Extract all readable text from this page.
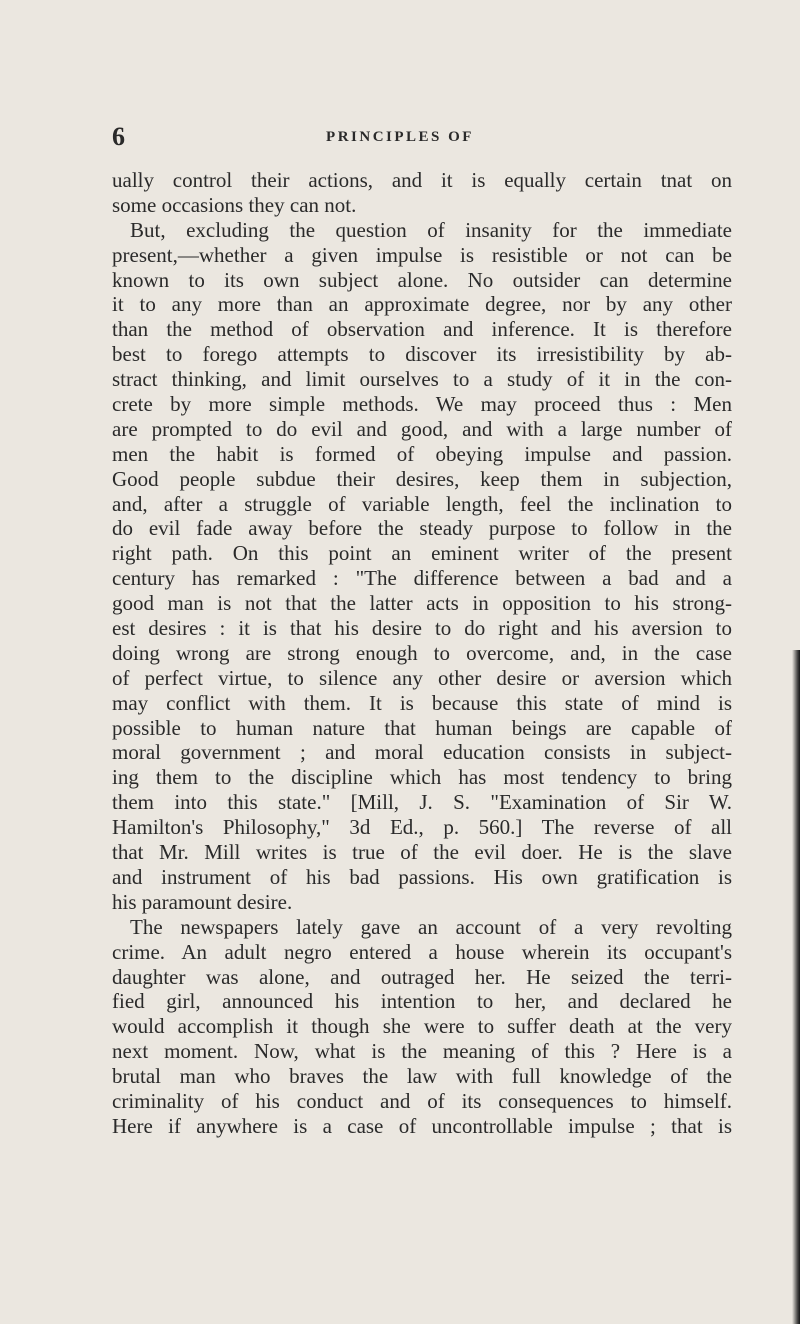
6	PRINCIPLES OF
ually control their actions, and it is equally certain tnat on
some occasions they can not.
But, excluding the question of insanity for the immediate
present,—whether a given impulse is resistible or not can be
known to its own subject alone. No outsider can determine
it to any more than an approximate degree, nor by any other
than the method of observation and inference. It is therefore
best to forego attempts to discover its irresistibility by ab-
stract thinking, and limit ourselves to a study of it in the con-
crete by more simple methods. We may proceed thus : Men
are prompted to do evil and good, and with a large number of
men the habit is formed of obeying impulse and passion.
Good people subdue their desires, keep them in subjection,
and, after a struggle of variable length, feel the inclination to
do evil fade away before the steady purpose to follow in the
right path. On this point an eminent writer of the present
century has remarked : "The difference between a bad and a
good man is not that the latter acts in opposition to his strong-
est desires : it is that his desire to do right and his aversion to
doing wrong are strong enough to overcome, and, in the case
of perfect virtue, to silence any other desire or aversion which
may conflict with them. It is because this state of mind is
possible to human nature that human beings are capable of
moral government ; and moral education consists in subject-
ing them to the discipline which has most tendency to bring
them into this state." [Mill, J. S. "Examination of Sir W.
Hamilton's Philosophy," 3d Ed., p. 560.] The reverse of all
that Mr. Mill writes is true of the evil doer. He is the slave
and instrument of his bad passions. His own gratification is
his paramount desire.
The newspapers lately gave an account of a very revolting
crime. An adult negro entered a house wherein its occupant's
daughter was alone, and outraged her. He seized the terri-
fied girl, announced his intention to her, and declared he
would accomplish it though she were to suffer death at the very
next moment. Now, what is the meaning of this ? Here is a
brutal man who braves the law with full knowledge of the
criminality of his conduct and of its consequences to himself.
Here if anywhere is a case of uncontrollable impulse ; that is
